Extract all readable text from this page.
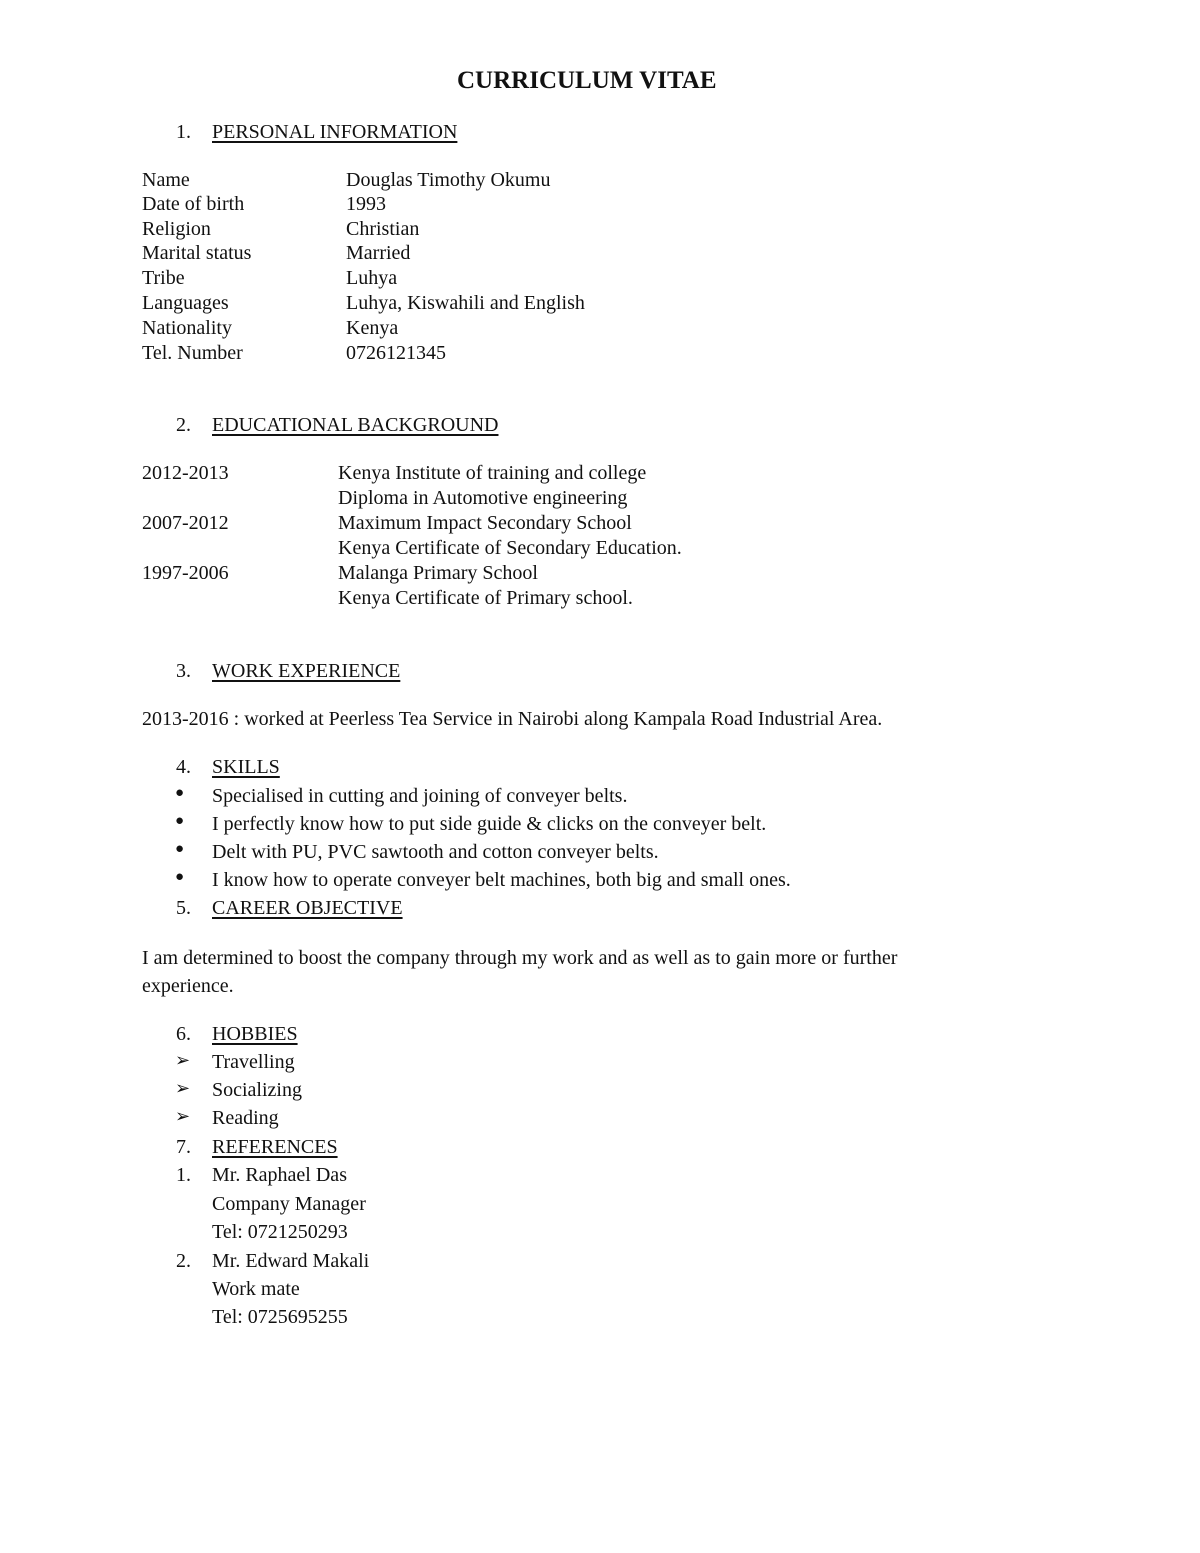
CURRICULUM VITAE
1. PERSONAL INFORMATION
Name	Douglas Timothy Okumu
Date of birth	1993
Religion	Christian
Marital status	Married
Tribe	Luhya
Languages	Luhya, Kiswahili and English
Nationality	Kenya
Tel. Number	0726121345
2. EDUCATIONAL BACKGROUND
2012-2013	Kenya Institute of training and college
Diploma in Automotive engineering
2007-2012	Maximum Impact Secondary School
Kenya Certificate of Secondary Education.
1997-2006	Malanga Primary School
Kenya Certificate of Primary school.
3. WORK EXPERIENCE
2013-2016 : worked at Peerless Tea Service in Nairobi along Kampala Road Industrial Area.
4. SKILLS
● Specialised in cutting and joining of conveyer belts.
● I perfectly know how to put side guide & clicks on the conveyer belt.
● Delt with PU, PVC sawtooth and cotton conveyer belts.
● I know how to operate conveyer belt machines, both big and small ones.
5. CAREER OBJECTIVE
I am determined to boost the company through my work and as well as to gain more or further
experience.
6. HOBBIES
➢ Travelling
➢ Socializing
➢ Reading
7. REFERENCES
1. Mr. Raphael Das
Company Manager
Tel: 0721250293
2. Mr. Edward Makali
Work mate
Tel: 0725695255
